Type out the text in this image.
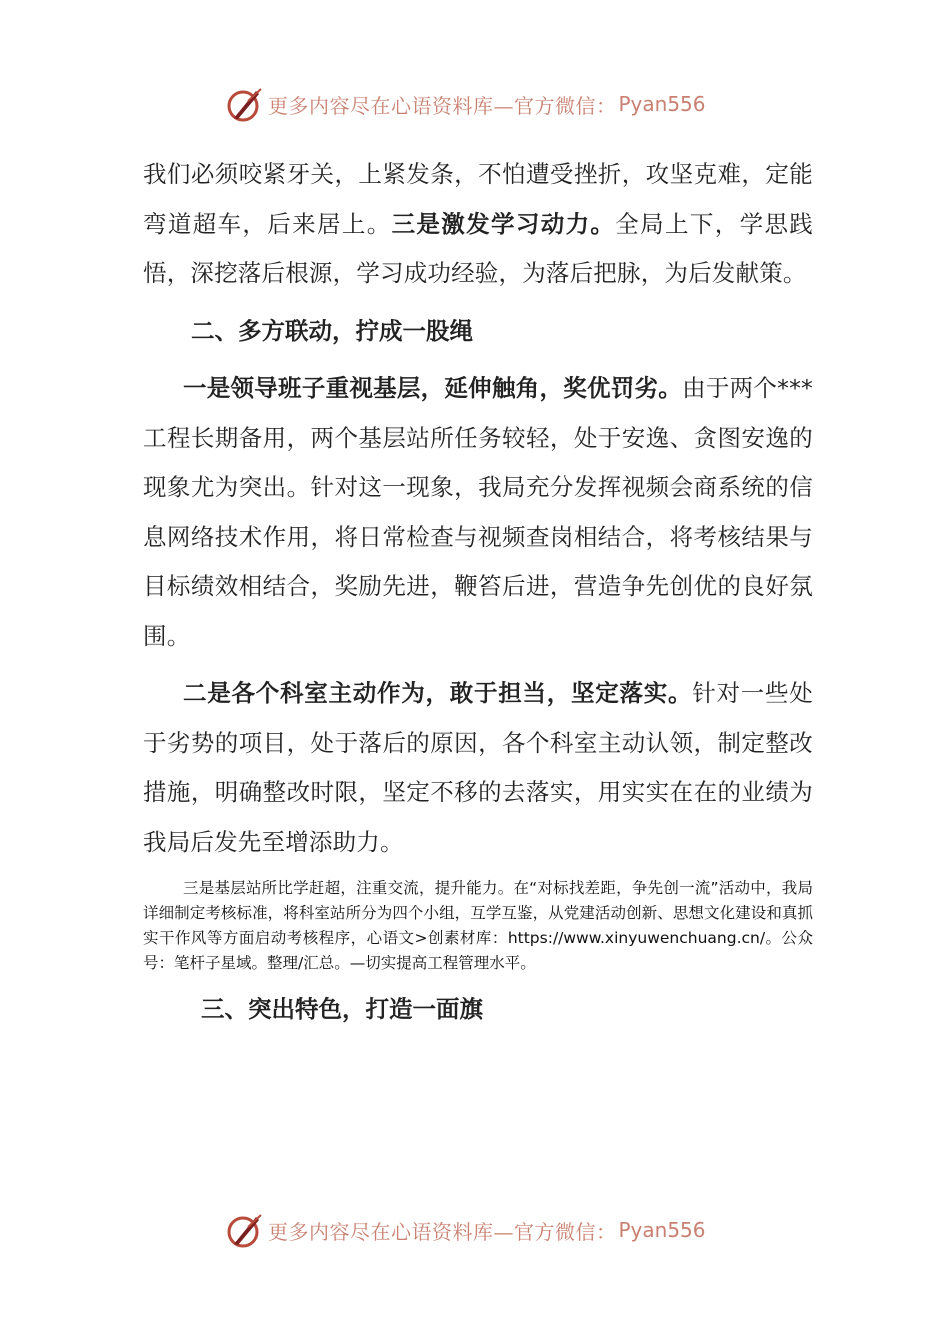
更多内容尽在心语资料库—官方微信： Pyan556

我们必须咬紧牙关，上紧发条，不怕遭受挫折，攻坚克难，定能弯道超车，后来居上。三是激发学习动力。全局上下，学思践悟，深挖落后根源，学习成功经验，为落后把脉，为后发献策。

二、多方联动，拧成一股绳

一是领导班子重视基层，延伸触角，奖优罚劣。由于两个***工程长期备用，两个基层站所任务较轻，处于安逸、贪图安逸的现象尤为突出。针对这一现象，我局充分发挥视频会商系统的信息网络技术作用，将日常检查与视频查岗相结合，将考核结果与目标绩效相结合，奖励先进，鞭笞后进，营造争先创优的良好氛围。

二是各个科室主动作为，敢于担当，坚定落实。针对一些处于劣势的项目，处于落后的原因，各个科室主动认领，制定整改措施，明确整改时限，坚定不移的去落实，用实实在在的业绩为我局后发先至增添助力。

三是基层站所比学赶超，注重交流，提升能力。在“对标找差距，争先创一流”活动中，我局详细制定考核标准，将科室站所分为四个小组，互学互鉴，从党建活动创新、思想文化建设和真抓实干作风等方面启动考核程序，心语文>创素材库：https://www.xinyuwenchuang.cn/。公众号：笔杆子星域。整理/汇总。—切实提高工程管理水平。

三、突出特色，打造一面旗

更多内容尽在心语资料库—官方微信： Pyan556
